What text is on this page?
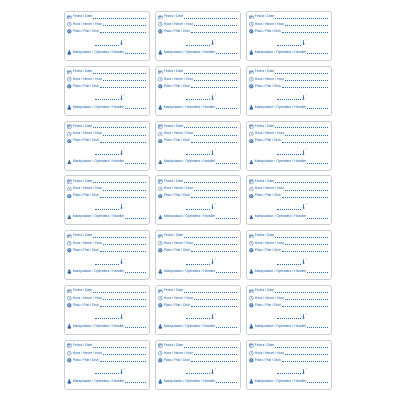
Fecha / Date
Hora / Heure / Hour
Plato / Plat / Dish
°
Manipulador / Opérateur / Handler
Fecha / Date
Hora / Heure / Hour
Plato / Plat / Dish
°
Manipulador / Opérateur / Handler
Fecha / Date
Hora / Heure / Hour
Plato / Plat / Dish
°
Manipulador / Opérateur / Handler
Fecha / Date
Hora / Heure / Hour
Plato / Plat / Dish
°
Manipulador / Opérateur / Handler
Fecha / Date
Hora / Heure / Hour
Plato / Plat / Dish
°
Manipulador / Opérateur / Handler
Fecha / Date
Hora / Heure / Hour
Plato / Plat / Dish
°
Manipulador / Opérateur / Handler
Fecha / Date
Hora / Heure / Hour
Plato / Plat / Dish
°
Manipulador / Opérateur / Handler
Fecha / Date
Hora / Heure / Hour
Plato / Plat / Dish
°
Manipulador / Opérateur / Handler
Fecha / Date
Hora / Heure / Hour
Plato / Plat / Dish
°
Manipulador / Opérateur / Handler
Fecha / Date
Hora / Heure / Hour
Plato / Plat / Dish
°
Manipulador / Opérateur / Handler
Fecha / Date
Hora / Heure / Hour
Plato / Plat / Dish
°
Manipulador / Opérateur / Handler
Fecha / Date
Hora / Heure / Hour
Plato / Plat / Dish
°
Manipulador / Opérateur / Handler
Fecha / Date
Hora / Heure / Hour
Plato / Plat / Dish
°
Manipulador / Opérateur / Handler
Fecha / Date
Hora / Heure / Hour
Plato / Plat / Dish
°
Manipulador / Opérateur / Handler
Fecha / Date
Hora / Heure / Hour
Plato / Plat / Dish
°
Manipulador / Opérateur / Handler
Fecha / Date
Hora / Heure / Hour
Plato / Plat / Dish
°
Manipulador / Opérateur / Handler
Fecha / Date
Hora / Heure / Hour
Plato / Plat / Dish
°
Manipulador / Opérateur / Handler
Fecha / Date
Hora / Heure / Hour
Plato / Plat / Dish
°
Manipulador / Opérateur / Handler
Fecha / Date
Hora / Heure / Hour
Plato / Plat / Dish
°
Manipulador / Opérateur / Handler
Fecha / Date
Hora / Heure / Hour
Plato / Plat / Dish
°
Manipulador / Opérateur / Handler
Fecha / Date
Hora / Heure / Hour
Plato / Plat / Dish
°
Manipulador / Opérateur / Handler
